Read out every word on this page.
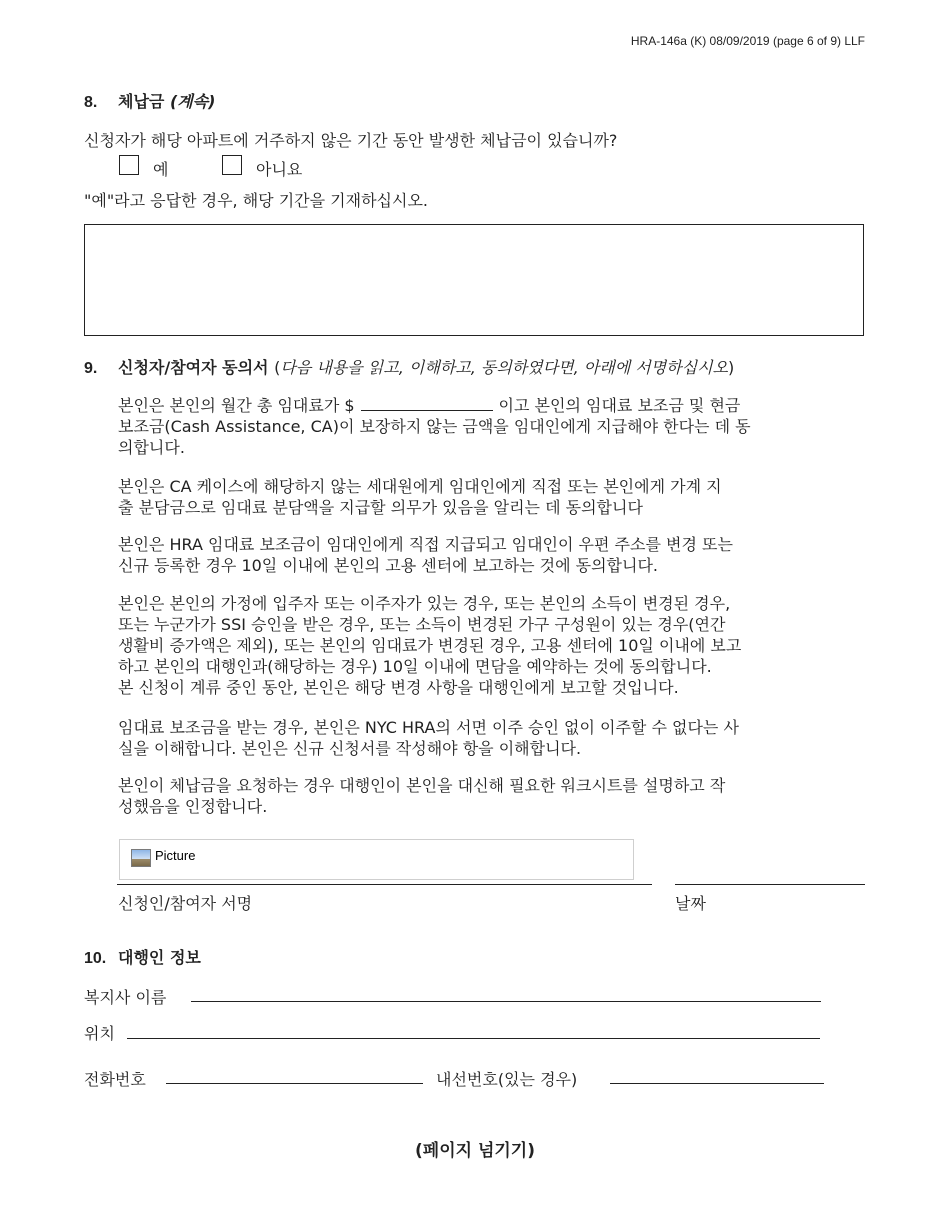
HRA-146a (K) 08/09/2019 (page 6 of 9) LLF
8. 체납금 (계속)
신청자가 해당 아파트에 거주하지 않은 기간 동안 발생한 체납금이 있습니까?
예	아니요
"예"라고 응답한 경우, 해당 기간을 기재하십시오.
9. 신청자/참여자 동의서 (다음 내용을 읽고, 이해하고, 동의하였다면, 아래에 서명하십시오)
본인은 본인의 월간 총 임대료가 $	이고 본인의 임대료 보조금 및 현금
보조금(Cash Assistance, CA)이 보장하지 않는 금액을 임대인에게 지급해야 한다는 데 동
의합니다.
본인은 CA 케이스에 해당하지 않는 세대원에게 임대인에게 직접 또는 본인에게 가계 지
출 분담금으로 임대료 분담액을 지급할 의무가 있음을 알리는 데 동의합니다
본인은 HRA 임대료 보조금이 임대인에게 직접 지급되고 임대인이 우편 주소를 변경 또는
신규 등록한 경우 10일 이내에 본인의 고용 센터에 보고하는 것에 동의합니다.
본인은 본인의 가정에 입주자 또는 이주자가 있는 경우, 또는 본인의 소득이 변경된 경우,
또는 누군가가 SSI 승인을 받은 경우, 또는 소득이 변경된 가구 구성원이 있는 경우(연간
생활비 증가액은 제외), 또는 본인의 임대료가 변경된 경우, 고용 센터에 10일 이내에 보고
하고 본인의 대행인과(해당하는 경우) 10일 이내에 면담을 예약하는 것에 동의합니다.
본 신청이 계류 중인 동안, 본인은 해당 변경 사항을 대행인에게 보고할 것입니다.
임대료 보조금을 받는 경우, 본인은 NYC HRA의 서면 이주 승인 없이 이주할 수 없다는 사
실을 이해합니다. 본인은 신규 신청서를 작성해야 항을 이해합니다.
본인이 체납금을 요청하는 경우 대행인이 본인을 대신해 필요한 워크시트를 설명하고 작
성했음을 인정합니다.
Picture
신청인/참여자 서명	날짜
10. 대행인 정보
복지사 이름
위치
전화번호	내선번호(있는 경우)
(페이지 넘기기)
